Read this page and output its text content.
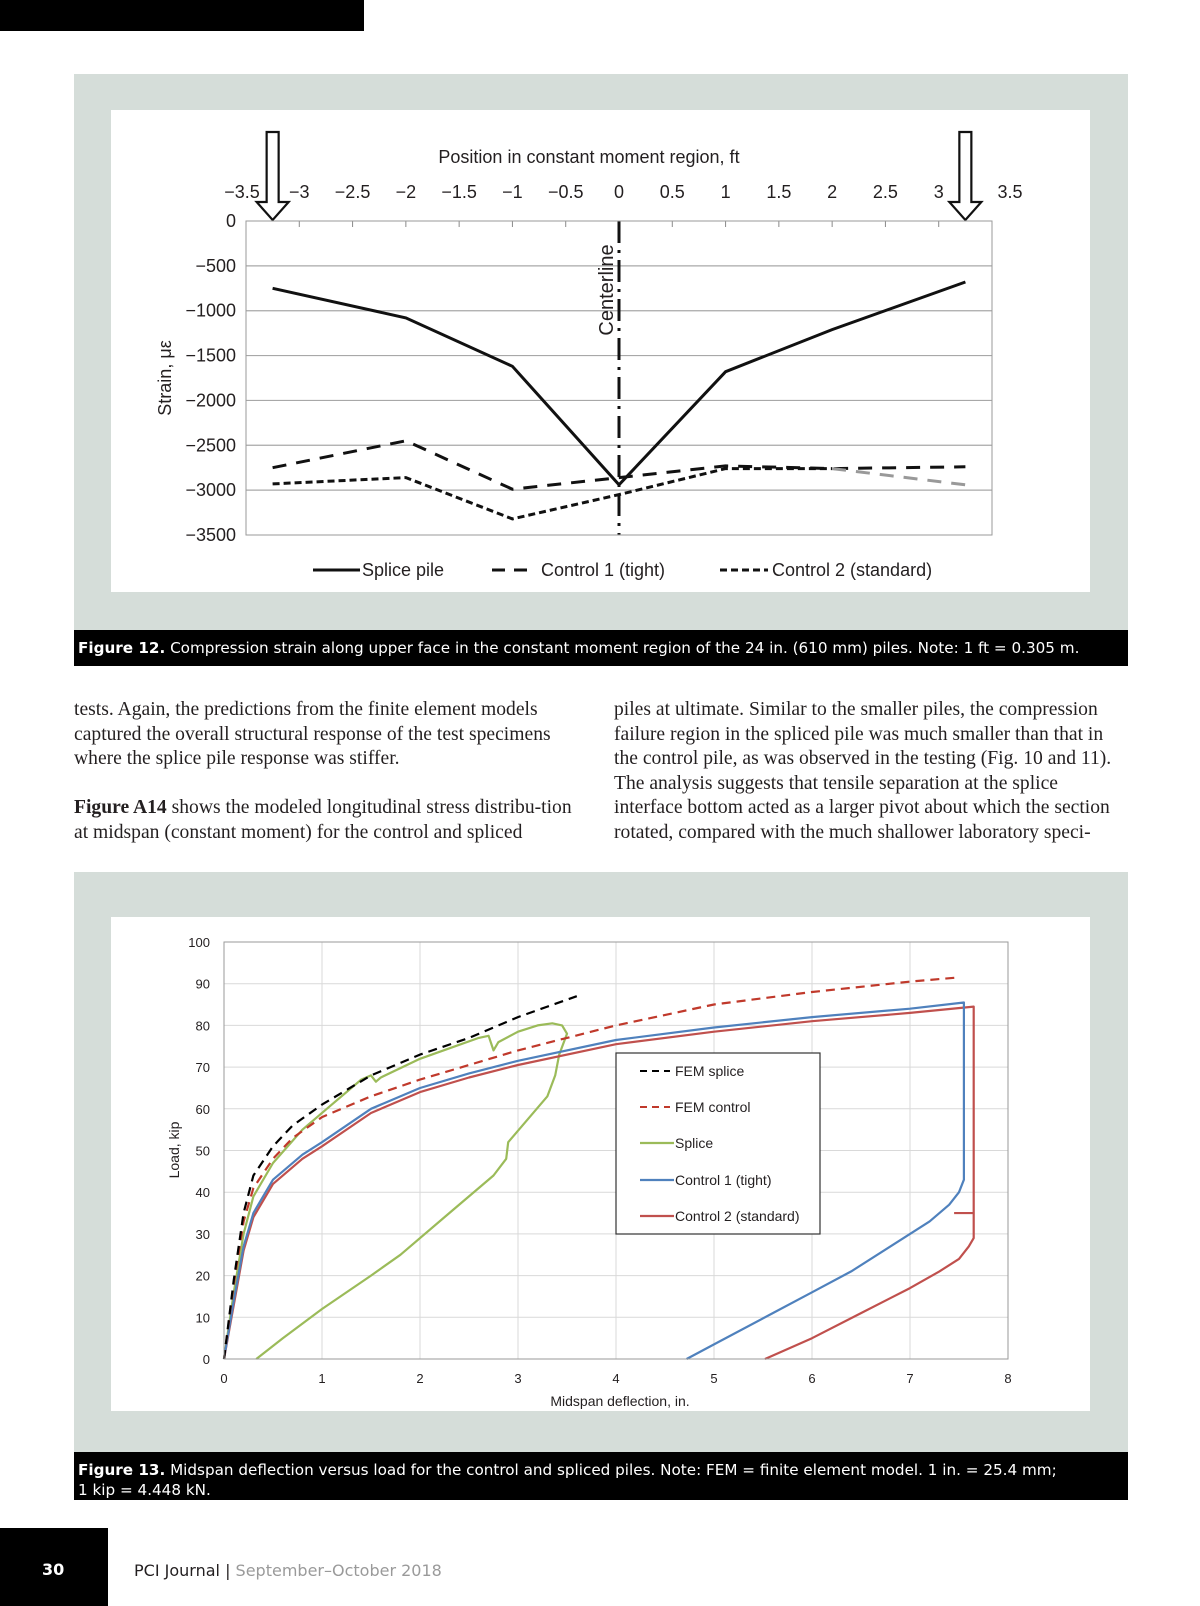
0
−500
−1000
−1500
−2000
−2500
−3000
−3500
−3.5 −3 −2.5 −2 −1.5 −1 −0.5 0 0.5 1 1.5 2 2.5 3	3.5
Position in constant moment region, ft
Strain, με
Centerline
Splice pile	Control 1 (tight)	Control 2 (standard)
Figure 12. Compression strain along upper face in the constant moment region of the 24 in. (610 mm) piles. Note: 1 ft = 0.305 m.

tests. Again, the predictions from the finite element models captured the overall structural response of the test specimens where the splice pile response was stiffer.

Figure A14 shows the modeled longitudinal stress distribu-tion at midspan (constant moment) for the control and spliced

piles at ultimate. Similar to the smaller piles, the compression failure region in the spliced pile was much smaller than that in the control pile, as was observed in the testing (Fig. 10 and 11). The analysis suggests that tensile separation at the splice interface bottom acted as a larger pivot about which the section rotated, compared with the much shallower laboratory speci-

0	1	2	3	4	5	6	7	8
0
10
20
30
40
50
60
70
80
90
100
Midspan deflection, in.
Load, kip
FEM splice
FEM control
Splice
Control 1 (tight)
Control 2 (standard)
Figure 13. Midspan deflection versus load for the control and spliced piles. Note: FEM = finite element model. 1 in. = 25.4 mm;
1 kip = 4.448 kN.
30	PCI Journal | September–October 2018
